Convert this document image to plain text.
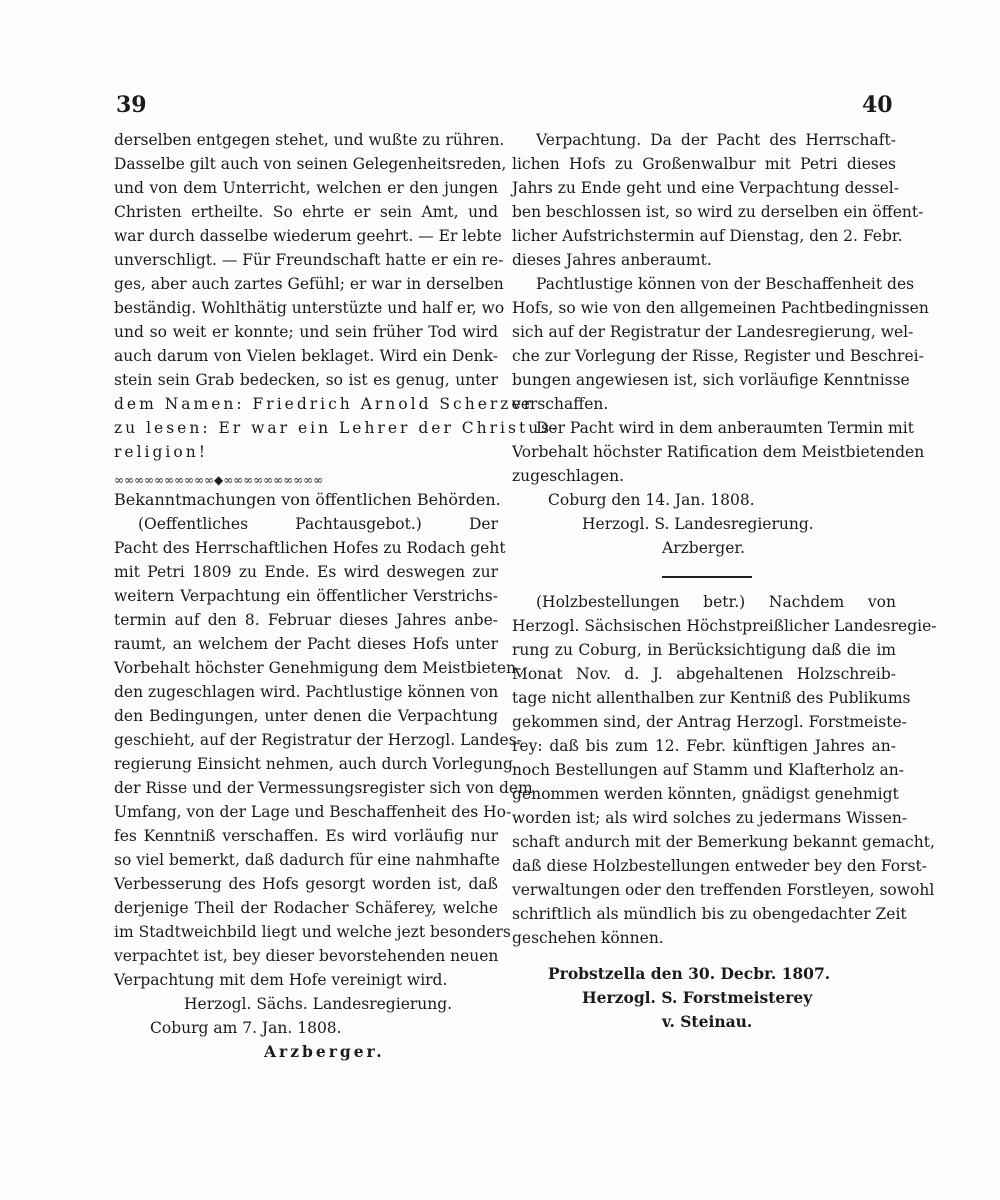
39	40
derselben entgegen stehet, und wußte zu rühren.
Dasselbe gilt auch von seinen Gelegenheitsreden,
und von dem Unterricht, welchen er den jungen
Christen ertheilte. So ehrte er sein Amt, und
war durch dasselbe wiederum geehrt. — Er lebte
unverschligt. — Für Freundschaft hatte er ein re-
ges, aber auch zartes Gefühl; er war in derselben
beständig. Wohlthätig unterstüzte und half er, wo
und so weit er konnte; und sein früher Tod wird
auch darum von Vielen beklaget. Wird ein Denk-
stein sein Grab bedecken, so ist es genug, unter
dem Namen: Friedrich Arnold Scherzer
zu lesen: Er war ein Lehrer der Christus-
religion!
∞∞∞∞∞∞∞∞∞∞◆∞∞∞∞∞∞∞∞∞∞
Bekanntmachungen von öffentlichen Behörden.
(Oeffentliches Pachtausgebot.) Der
Pacht des Herrschaftlichen Hofes zu Rodach geht
mit Petri 1809 zu Ende. Es wird deswegen zur
weitern Verpachtung ein öffentlicher Verstrichs-
termin auf den 8. Februar dieses Jahres anbe-
raumt, an welchem der Pacht dieses Hofs unter
Vorbehalt höchster Genehmigung dem Meistbieten-
den zugeschlagen wird. Pachtlustige können von
den Bedingungen, unter denen die Verpachtung
geschieht, auf der Registratur der Herzogl. Landes-
regierung Einsicht nehmen, auch durch Vorlegung
der Risse und der Vermessungsregister sich von dem
Umfang, von der Lage und Beschaffenheit des Ho-
fes Kenntniß verschaffen. Es wird vorläufig nur
so viel bemerkt, daß dadurch für eine nahmhafte
Verbesserung des Hofs gesorgt worden ist, daß
derjenige Theil der Rodacher Schäferey, welche
im Stadtweichbild liegt und welche jezt besonders
verpachtet ist, bey dieser bevorstehenden neuen
Verpachtung mit dem Hofe vereinigt wird.
Herzogl. Sächs. Landesregierung.
Coburg am 7. Jan. 1808.
Arzberger.
Verpachtung. Da der Pacht des Herrschaft-
lichen Hofs zu Großenwalbur mit Petri dieses
Jahrs zu Ende geht und eine Verpachtung dessel-
ben beschlossen ist, so wird zu derselben ein öffent-
licher Aufstrichstermin auf Dienstag, den 2. Febr.
dieses Jahres anberaumt.
Pachtlustige können von der Beschaffenheit des
Hofs, so wie von den allgemeinen Pachtbedingnissen
sich auf der Registratur der Landesregierung, wel-
che zur Vorlegung der Risse, Register und Beschrei-
bungen angewiesen ist, sich vorläufige Kenntnisse
verschaffen.
Der Pacht wird in dem anberaumten Termin mit
Vorbehalt höchster Ratification dem Meistbietenden
zugeschlagen.
Coburg den 14. Jan. 1808.
Herzogl. S. Landesregierung.
Arzberger.
(Holzbestellungen betr.) Nachdem von
Herzogl. Sächsischen Höchstpreißlicher Landesregie-
rung zu Coburg, in Berücksichtigung daß die im
Monat Nov. d. J. abgehaltenen Holzschreib-
tage nicht allenthalben zur Kentniß des Publikums
gekommen sind, der Antrag Herzogl. Forstmeiste-
rey: daß bis zum 12. Febr. künftigen Jahres an-
noch Bestellungen auf Stamm und Klafterholz an-
genommen werden könnten, gnädigst genehmigt
worden ist; als wird solches zu jedermans Wissen-
schaft andurch mit der Bemerkung bekannt gemacht,
daß diese Holzbestellungen entweder bey den Forst-
verwaltungen oder den treffenden Forstleyen, sowohl
schriftlich als mündlich bis zu obengedachter Zeit
geschehen können.
Probstzella den 30. Decbr. 1807.
Herzogl. S. Forstmeisterey
v. Steinau.
